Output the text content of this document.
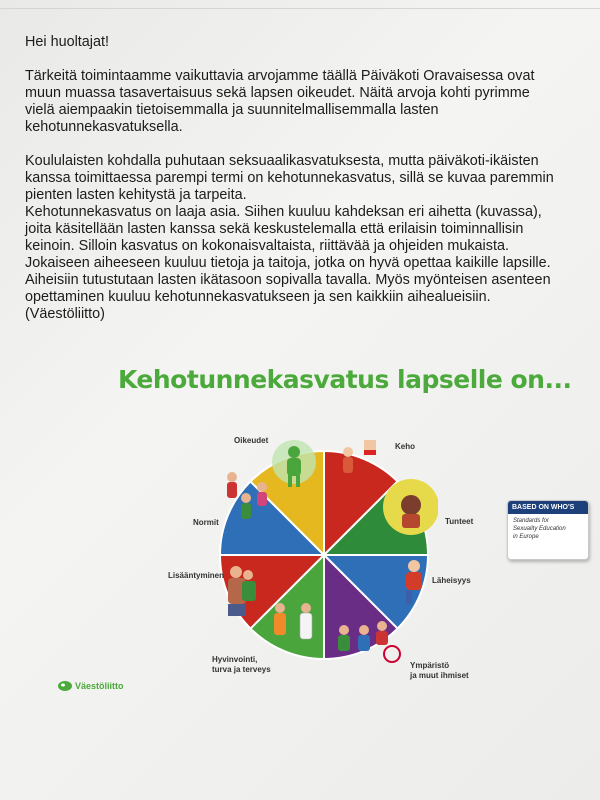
Hei huoltajat!

Tärkeitä toimintaamme vaikuttavia arvojamme täällä Päiväkoti Oravaisessa ovat
muun muassa tasavertaisuus sekä lapsen oikeudet. Näitä arvoja kohti pyrimme
vielä aiempaakin tietoisemmalla ja suunnitelmallisemmalla lasten
kehotunnekasvatuksella.

Koululaisten kohdalla puhutaan seksuaalikasvatuksesta, mutta päiväkoti-ikäisten
kanssa toimittaessa parempi termi on kehotunnekasvatus, sillä se kuvaa paremmin
pienten lasten kehitystä ja tarpeita.
Kehotunnekasvatus on laaja asia. Siihen kuuluu kahdeksan eri aihetta (kuvassa),
joita käsitellään lasten kanssa sekä keskustelemalla että erilaisin toiminnallisin
keinoin. Silloin kasvatus on kokonaisvaltaista, riittävää ja ohjeiden mukaista.
Jokaiseen aiheeseen kuuluu tietoja ja taitoja, jotka on hyvä opettaa kaikille lapsille.
Aiheisiin tutustutaan lasten ikätasoon sopivalla tavalla. Myös myönteisen asenteen
opettaminen kuuluu kehotunnekasvatukseen ja sen kaikkiin aihealueisiin.
(Väestöliitto)

Kehotunnekasvatus lapselle on...
Oikeudet
Keho
Normit	Tunteet
Lisääntyminen
Läheisyys
Hyvinvointi,
turva ja terveys	Ympäristö
ja muut ihmiset
BASED ON WHO'S
Standards for
Sexuality Education
in Europe
Väestöliitto
